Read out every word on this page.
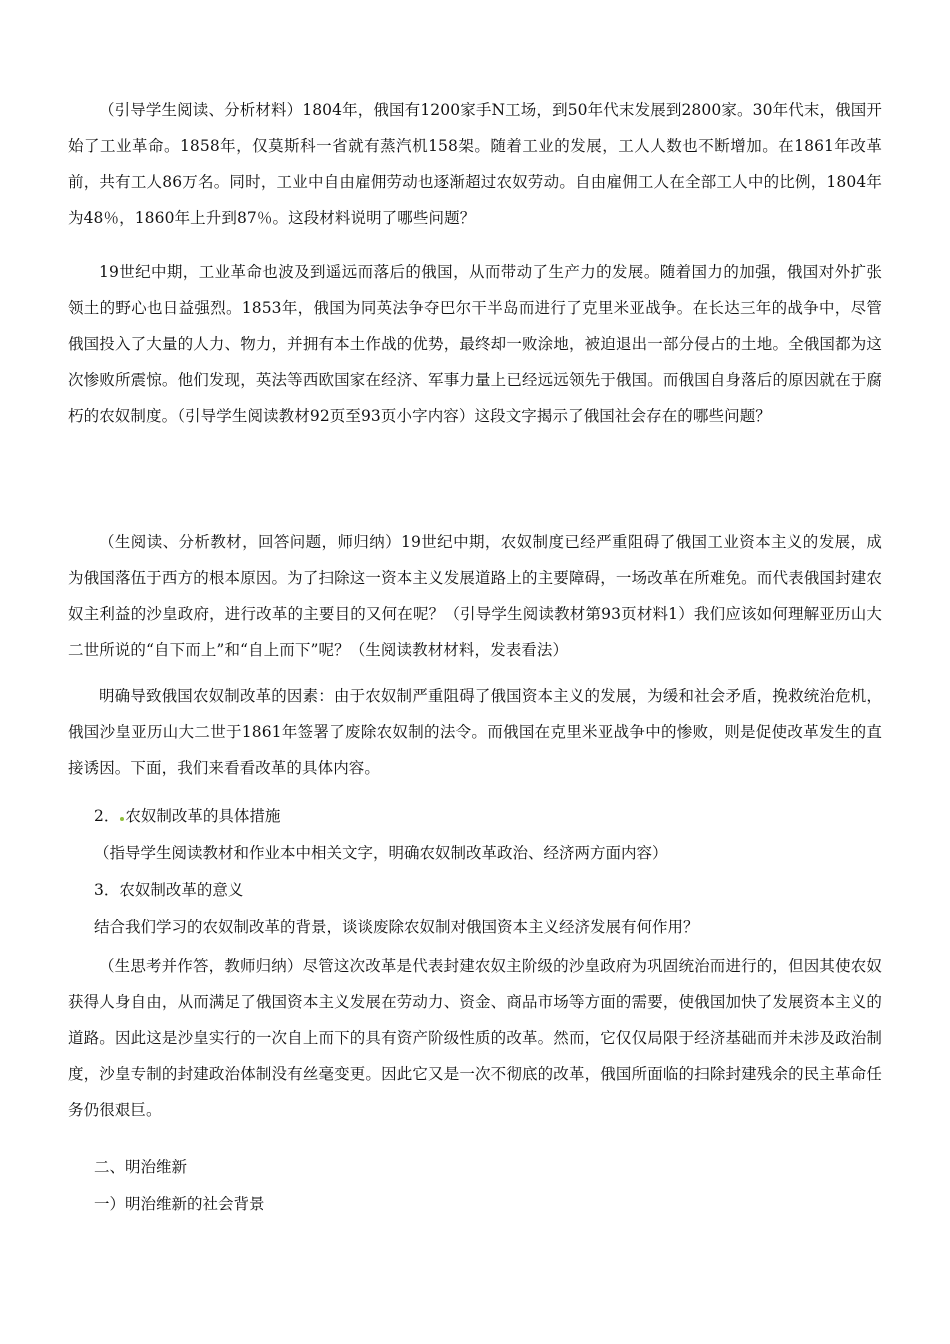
（引导学生阅读、分析材料）1804年，俄国有1200家手N工场，到50年代末发展到2800家。30年代末，俄国开始了工业革命。1858年，仅莫斯科一省就有蒸汽机158架。随着工业的发展，工人人数也不断增加。在1861年改革前，共有工人86万名。同时，工业中自由雇佣劳动也逐渐超过农奴劳动。自由雇佣工人在全部工人中的比例，1804年为48％，1860年上升到87％。这段材料说明了哪些问题？

19世纪中期，工业革命也波及到遥远而落后的俄国，从而带动了生产力的发展。随着国力的加强，俄国对外扩张领土的野心也日益强烈。1853年，俄国为同英法争夺巴尔干半岛而进行了克里米亚战争。在长达三年的战争中，尽管俄国投入了大量的人力、物力，并拥有本土作战的优势，最终却一败涂地，被迫退出一部分侵占的土地。全俄国都为这次惨败所震惊。他们发现，英法等西欧国家在经济、军事力量上已经远远领先于俄国。而俄国自身落后的原因就在于腐朽的农奴制度。（引导学生阅读教材92页至93页小字内容）这段文字揭示了俄国社会存在的哪些问题？

（生阅读、分析教材，回答问题，师归纳）19世纪中期，农奴制度已经严重阻碍了俄国工业资本主义的发展，成为俄国落伍于西方的根本原因。为了扫除这一资本主义发展道路上的主要障碍，一场改革在所难免。而代表俄国封建农奴主利益的沙皇政府，进行改革的主要目的又何在呢？（引导学生阅读教材第93页材料1）我们应该如何理解亚历山大二世所说的“自下而上”和“自上而下”呢？（生阅读教材材料，发表看法）

明确导致俄国农奴制改革的因素：由于农奴制严重阻碍了俄国资本主义的发展，为缓和社会矛盾，挽救统治危机，俄国沙皇亚历山大二世于1861年签署了废除农奴制的法令。而俄国在克里米亚战争中的惨败，则是促使改革发生的直接诱因。下面，我们来看看改革的具体内容。

2． 农奴制改革的具体措施
（指导学生阅读教材和作业本中相关文字，明确农奴制改革政治、经济两方面内容）
3．农奴制改革的意义
结合我们学习的农奴制改革的背景，谈谈废除农奴制对俄国资本主义经济发展有何作用？

（生思考并作答，教师归纳）尽管这次改革是代表封建农奴主阶级的沙皇政府为巩固统治而进行的，但因其使农奴获得人身自由，从而满足了俄国资本主义发展在劳动力、资金、商品市场等方面的需要，使俄国加快了发展资本主义的道路。因此这是沙皇实行的一次自上而下的具有资产阶级性质的改革。然而，它仅仅局限于经济基础而并未涉及政治制度，沙皇专制的封建政治体制没有丝毫变更。因此它又是一次不彻底的改革，俄国所面临的扫除封建残余的民主革命任务仍很艰巨。

二、明治维新
一）明治维新的社会背景
